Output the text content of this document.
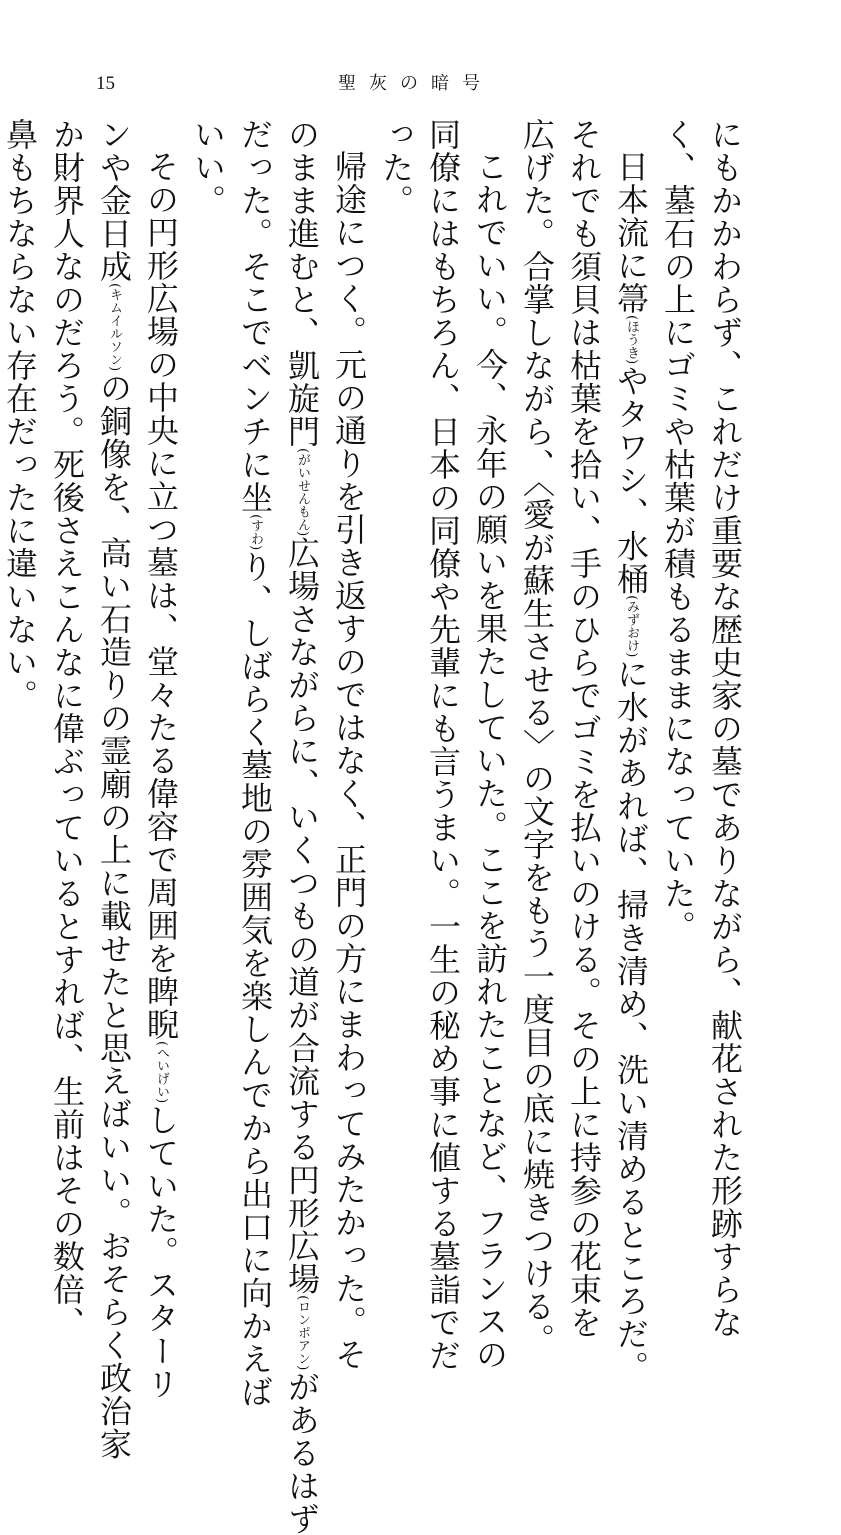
15	聖灰の暗号
にもかかわらず、これだけ重要な歴史家の墓でありながら、献花された形跡すらな
く、墓石の上にゴミや枯葉が積もるままになっていた。
日本流に箒(ほうき)やタワシ、水桶(みずおけ)に水があれば、掃き清め、洗い清めるところだ。
それでも須貝は枯葉を拾い、手のひらでゴミを払いのける。その上に持参の花束を
広げた。合掌しながら、〈愛が蘇生させる〉の文字をもう一度目の底に焼きつける。
これでいい。今、永年の願いを果たしていた。ここを訪れたことなど、フランスの
同僚にはもちろん、日本の同僚や先輩にも言うまい。一生の秘め事に値する墓詣でだ
った。
帰途につく。元の通りを引き返すのではなく、正門の方にまわってみたかった。そ
のまま進むと、凱旋門(がいせんもん)広場さながらに、いくつもの道が合流する円形広場(ロンポアン)があるはず
だった。そこでベンチに坐(すわ)り、しばらく墓地の雰囲気を楽しんでから出口に向かえば
いい。
その円形広場の中央に立つ墓は、堂々たる偉容で周囲を睥睨(へいげい)していた。スターリ
ンや金日成(キムイルソン)の銅像を、高い石造りの霊廟の上に載せたと思えばいい。おそらく政治家
か財界人なのだろう。死後さえこんなに偉ぶっているとすれば、生前はその数倍、
鼻もちならない存在だったに違いない。
